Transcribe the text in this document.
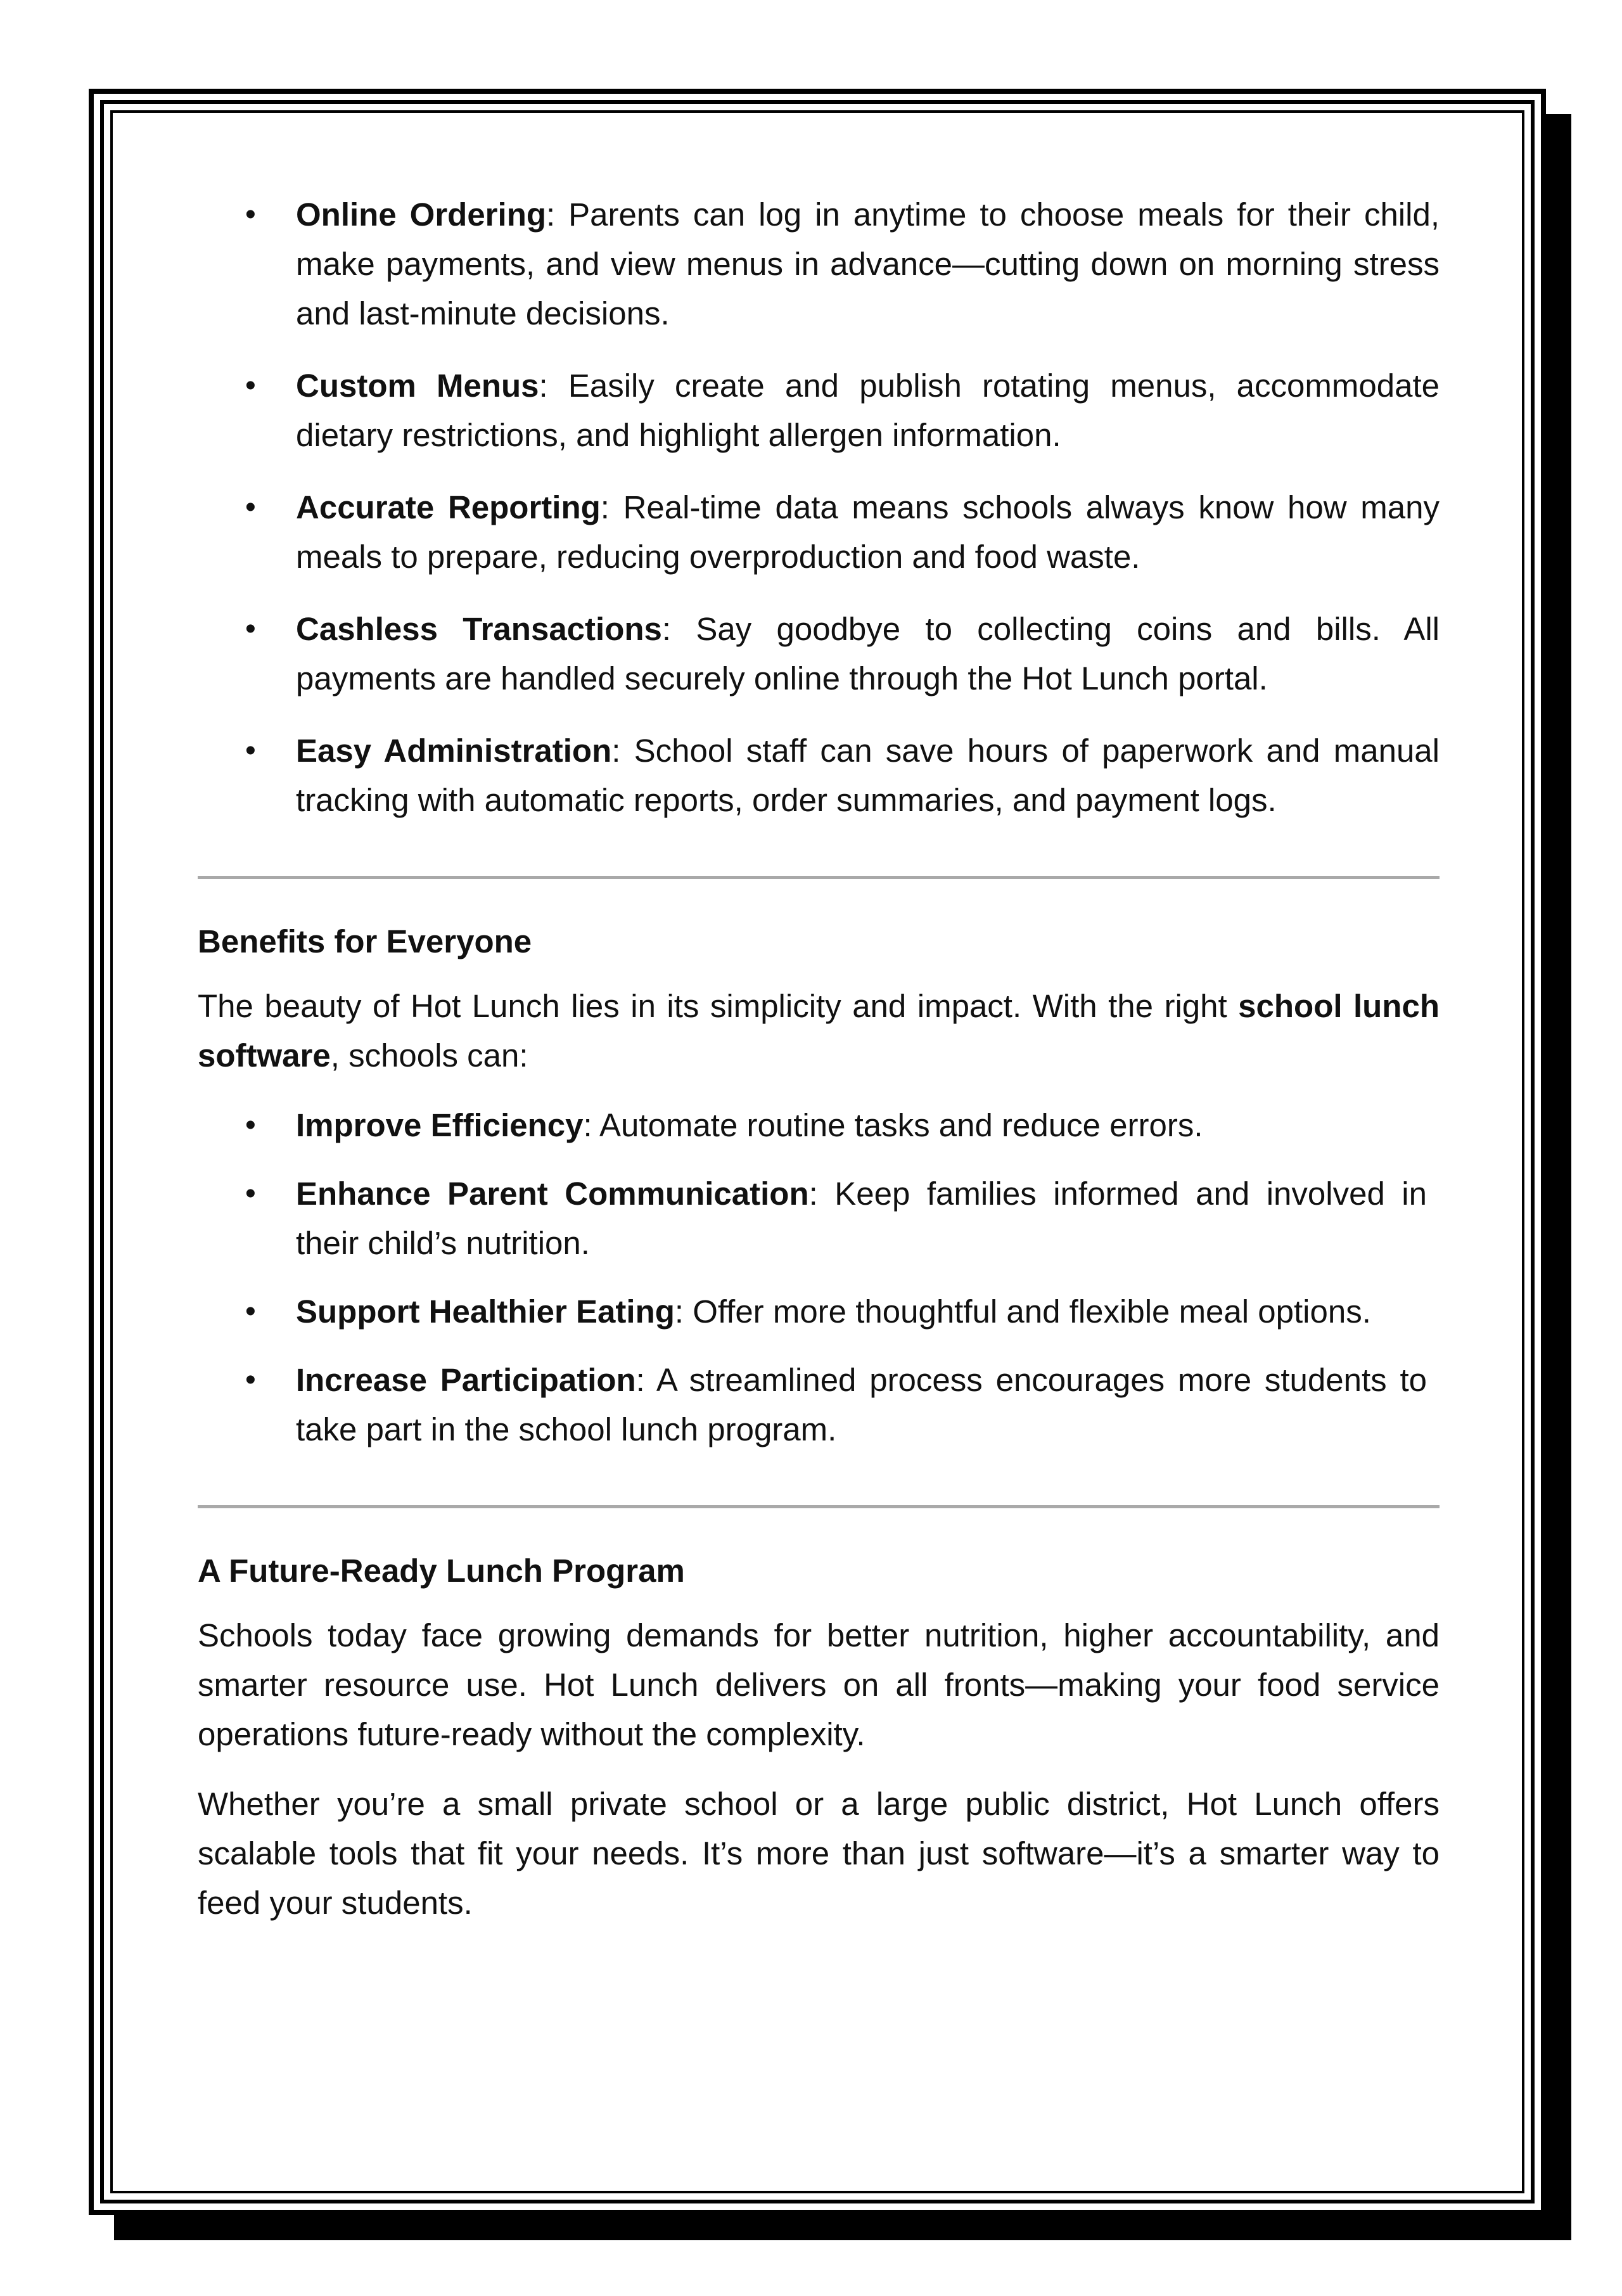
• Online Ordering: Parents can log in anytime to choose meals for their child, make payments, and view menus in advance—cutting down on morning stress and last-minute decisions.
• Custom Menus: Easily create and publish rotating menus, accommodate dietary restrictions, and highlight allergen information.
• Accurate Reporting: Real-time data means schools always know how many meals to prepare, reducing overproduction and food waste.
• Cashless Transactions: Say goodbye to collecting coins and bills. All payments are handled securely online through the Hot Lunch portal.
• Easy Administration: School staff can save hours of paperwork and manual tracking with automatic reports, order summaries, and payment logs.
Benefits for Everyone
The beauty of Hot Lunch lies in its simplicity and impact. With the right school lunch software, schools can:
• Improve Efficiency: Automate routine tasks and reduce errors.
• Enhance Parent Communication: Keep families informed and involved in their child’s nutrition.
• Support Healthier Eating: Offer more thoughtful and flexible meal options.
• Increase Participation: A streamlined process encourages more students to take part in the school lunch program.
A Future-Ready Lunch Program
Schools today face growing demands for better nutrition, higher accountability, and smarter resource use. Hot Lunch delivers on all fronts—making your food service operations future-ready without the complexity.
Whether you’re a small private school or a large public district, Hot Lunch offers scalable tools that fit your needs. It’s more than just software—it’s a smarter way to feed your students.
